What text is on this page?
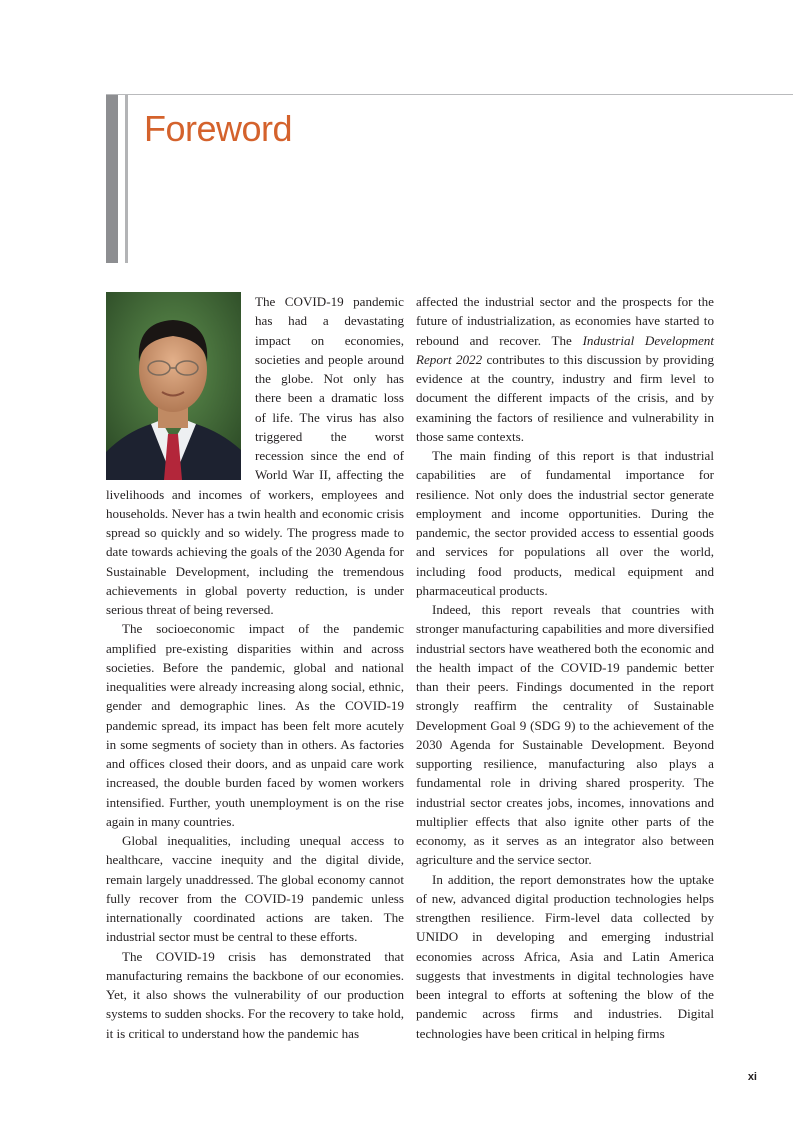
Foreword

The COVID-19 pandemic has had a devastating impact on economies, societies and people around the globe. Not only has there been a dramatic loss of life. The virus has also triggered the worst recession since the end of World War II, affecting the livelihoods and incomes of workers, employees and households. Never has a twin health and economic crisis spread so quickly and so widely. The progress made to date towards achieving the goals of the 2030 Agenda for Sustainable Development, including the tremendous achievements in global poverty reduction, is under serious threat of being reversed.

The socioeconomic impact of the pandemic amplified pre-existing disparities within and across societies. Before the pandemic, global and national inequalities were already increasing along social, ethnic, gender and demographic lines. As the COVID-19 pandemic spread, its impact has been felt more acutely in some segments of society than in others. As factories and offices closed their doors, and as unpaid care work increased, the double burden faced by women workers intensified. Further, youth unemployment is on the rise again in many countries.

Global inequalities, including unequal access to healthcare, vaccine inequity and the digital divide, remain largely unaddressed. The global economy cannot fully recover from the COVID-19 pandemic unless internationally coordinated actions are taken. The industrial sector must be central to these efforts.

The COVID-19 crisis has demonstrated that manufacturing remains the backbone of our economies. Yet, it also shows the vulnerability of our production systems to sudden shocks. For the recovery to take hold, it is critical to understand how the pandemic has

affected the industrial sector and the prospects for the future of industrialization, as economies have started to rebound and recover. The Industrial Development Report 2022 contributes to this discussion by providing evidence at the country, industry and firm level to document the different impacts of the crisis, and by examining the factors of resilience and vulnerability in those same contexts.

The main finding of this report is that industrial capabilities are of fundamental importance for resilience. Not only does the industrial sector generate employment and income opportunities. During the pandemic, the sector provided access to essential goods and services for populations all over the world, including food products, medical equipment and pharmaceutical products.

Indeed, this report reveals that countries with stronger manufacturing capabilities and more diversified industrial sectors have weathered both the economic and the health impact of the COVID-19 pandemic better than their peers. Findings documented in the report strongly reaffirm the centrality of Sustainable Development Goal 9 (SDG 9) to the achievement of the 2030 Agenda for Sustainable Development. Beyond supporting resilience, manufacturing also plays a fundamental role in driving shared prosperity. The industrial sector creates jobs, incomes, innovations and multiplier effects that also ignite other parts of the economy, as it serves as an integrator also between agriculture and the service sector.

In addition, the report demonstrates how the uptake of new, advanced digital production technologies helps strengthen resilience. Firm-level data collected by UNIDO in developing and emerging industrial economies across Africa, Asia and Latin America suggests that investments in digital technologies have been integral to efforts at softening the blow of the pandemic across firms and industries. Digital technologies have been critical in helping firms

xi
